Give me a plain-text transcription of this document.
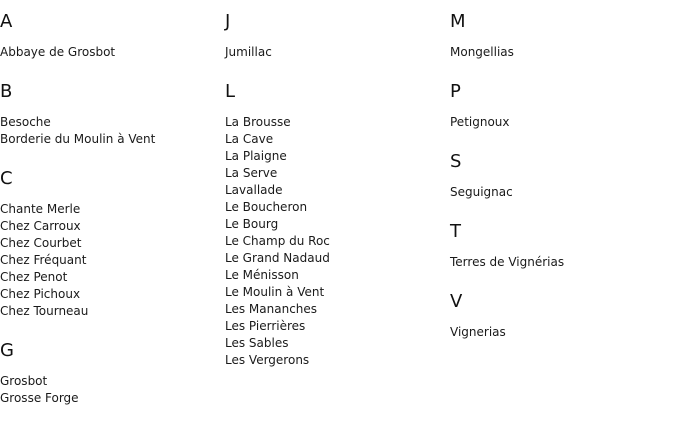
A
Abbaye de Grosbot
B
Besoche
Borderie du Moulin à Vent
C
Chante Merle
Chez Carroux
Chez Courbet
Chez Fréquant
Chez Penot
Chez Pichoux
Chez Tourneau
G
Grosbot
Grosse Forge
J
Jumillac
L
La Brousse
La Cave
La Plaigne
La Serve
Lavallade
Le Boucheron
Le Bourg
Le Champ du Roc
Le Grand Nadaud
Le Ménisson
Le Moulin à Vent
Les Mananches
Les Pierrières
Les Sables
Les Vergerons
M
Mongellias
P
Petignoux
S
Seguignac
T
Terres de Vignérias
V
Vignerias
